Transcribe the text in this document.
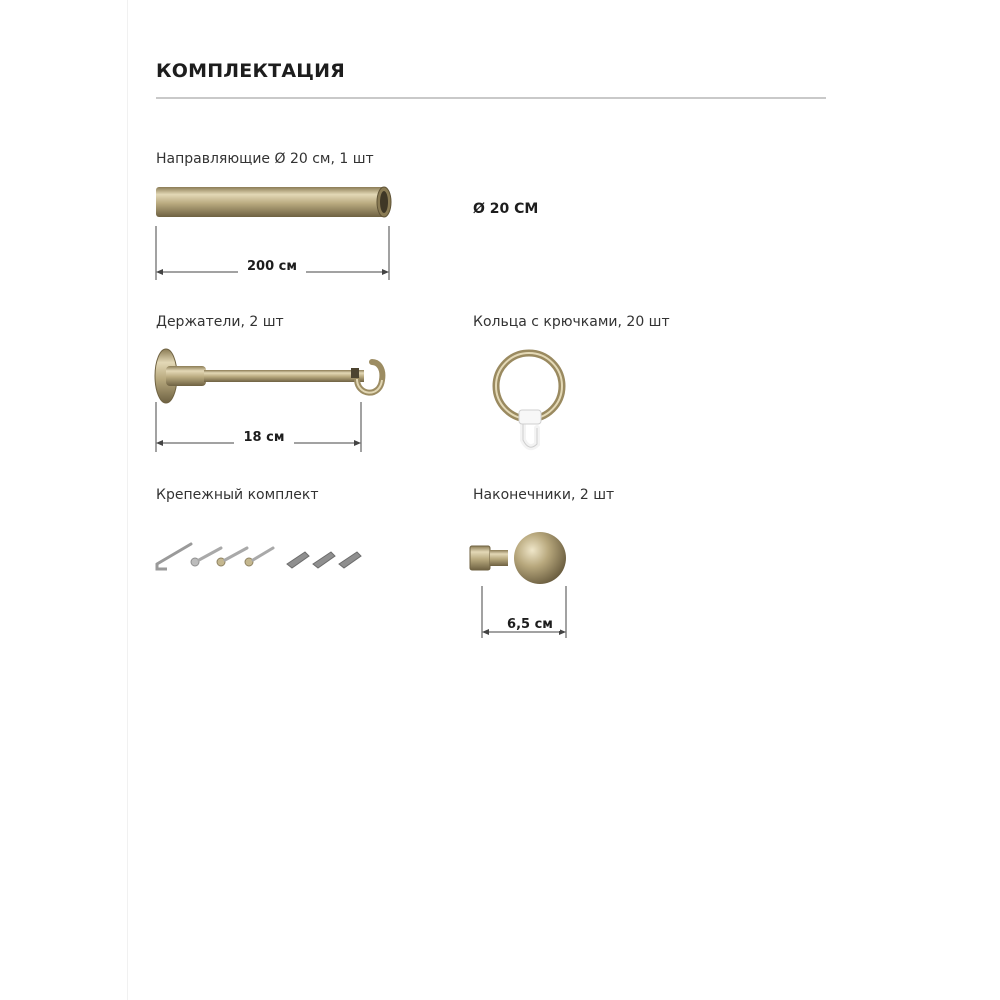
КОМПЛЕКТАЦИЯ
Направляющие Ø 20 см, 1 шт
200 см
Ø 20 СМ
Держатели, 2 шт
18 см
Кольца с крючками, 20 шт
Крепежный комплект	Наконечники, 2 шт
6,5 см
